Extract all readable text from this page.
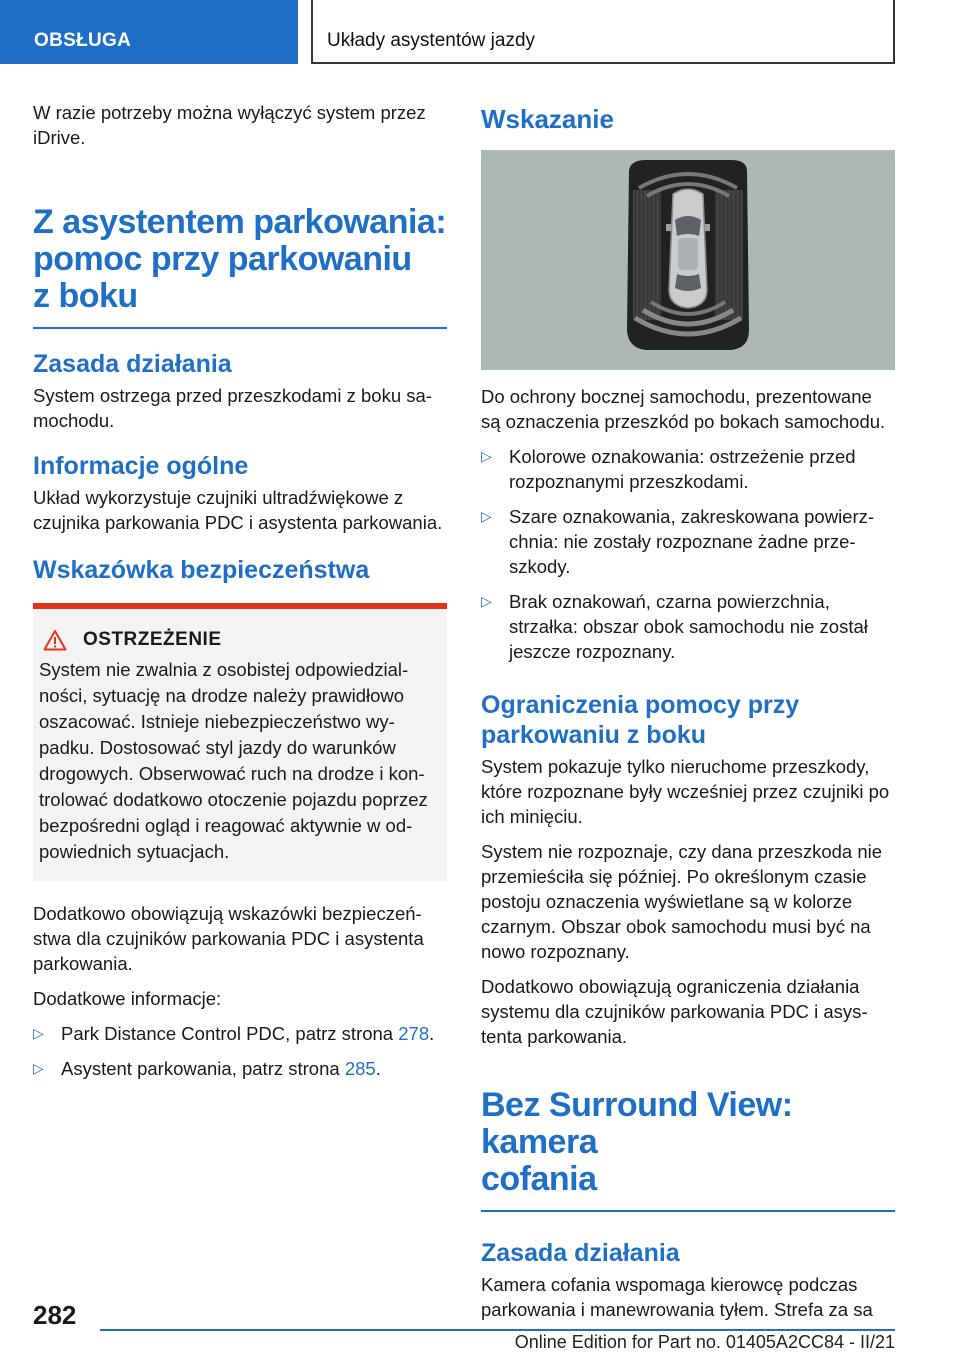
OBSŁUGA	Układy asystentów jazdy

W razie potrzeby można wyłączyć system przez iDrive.

Z asystentem parkowania:
pomoc przy parkowaniu
z boku
Zasada działania

System ostrzega przed przeszkodami z boku samochodu.

Informacje ogólne

Układ wykorzystuje czujniki ultradźwiękowe z czujnika parkowania PDC i asystenta parkowania.

Wskazówka bezpieczeństwa
OSTRZEŻENIE

System nie zwalnia z osobistej odpowiedzialności, sytuację na drodze należy prawidłowo oszacować. Istnieje niebezpieczeństwo wypadku. Dostosować styl jazdy do warunków drogowych. Obserwować ruch na drodze i kontrolować dodatkowo otoczenie pojazdu poprzez bezpośredni ogląd i reagować aktywnie w odpowiednich sytuacjach.

Dodatkowo obowiązują wskazówki bezpieczeństwa dla czujników parkowania PDC i asystenta parkowania.

Dodatkowe informacje:

▷ Park Distance Control PDC, patrz strona 278.
▷ Asystent parkowania, patrz strona 285.
Wskazanie

Do ochrony bocznej samochodu, prezentowane są oznaczenia przeszkód po bokach samochodu.

▷ Kolorowe oznakowania: ostrzeżenie przed rozpoznanymi przeszkodami.
▷ Szare oznakowania, zakreskowana powierzchnia: nie zostały rozpoznane żadne przeszkody.
▷ Brak oznakowań, czarna powierzchnia, strzałka: obszar obok samochodu nie został jeszcze rozpoznany.
Ograniczenia pomocy przy
parkowaniu z boku

System pokazuje tylko nieruchome przeszkody, które rozpoznane były wcześniej przez czujniki po ich minięciu.

System nie rozpoznaje, czy dana przeszkoda nie przemieściła się później. Po określonym czasie postoju oznaczenia wyświetlane są w kolorze czarnym. Obszar obok samochodu musi być na nowo rozpoznany.

Dodatkowo obowiązują ograniczenia działania systemu dla czujników parkowania PDC i asystenta parkowania.

Bez Surround View: kamera
cofania
Zasada działania

Kamera cofania wspomaga kierowcę podczas parkowania i manewrowania tyłem. Strefa za sa

282
Online Edition for Part no. 01405A2CC84 - II/21
